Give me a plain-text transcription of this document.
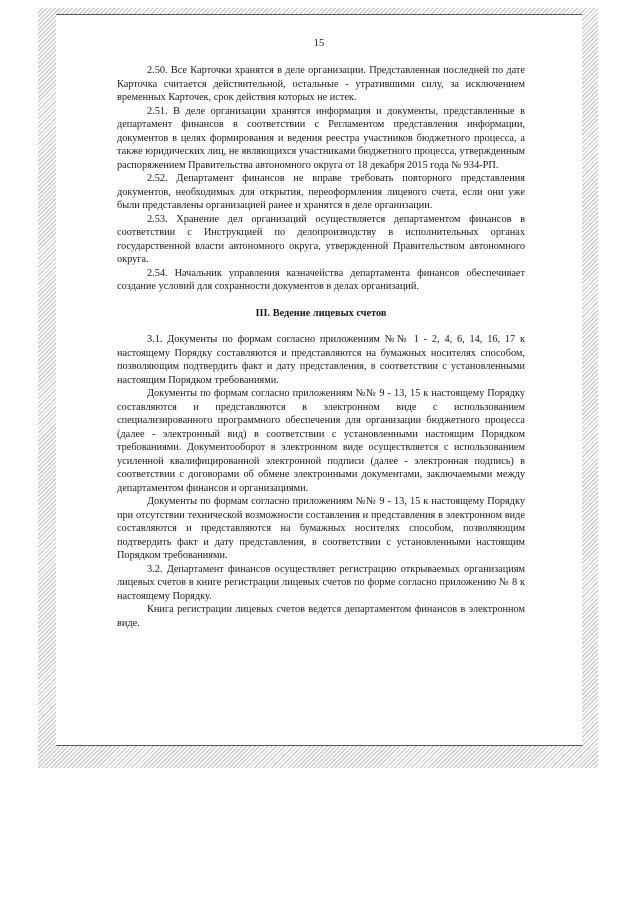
15

2.50. Все Карточки хранятся в деле организации. Представленная последней по дате Карточка считается действительной, остальные - утратившими силу, за исключением временных Карточек, срок действия которых не истек.

2.51. В деле организации хранятся информация и документы, представленные в департамент финансов в соответствии с Регламентом представления информации, документов в целях формирования и ведения реестра участников бюджетного процесса, а также юридических лиц, не являющихся участниками бюджетного процесса, утвержденным распоряжением Правительства автономного округа от 18 декабря 2015 года № 934-РП.

2.52. Департамент финансов не вправе требовать повторного представления документов, необходимых для открытия, переоформления лицевого счета, если они уже были представлены организацией ранее и хранятся в деле организации.

2.53. Хранение дел организаций осуществляется департаментом финансов в соответствии с Инструкцией по делопроизводству в исполнительных органах государственной власти автономного округа, утвержденной Правительством автономного округа.

2.54. Начальник управления казначейства департамента финансов обеспечивает создание условий для сохранности документов в делах организаций.

III. Ведение лицевых счетов

3.1. Документы по формам согласно приложениям №№ 1 - 2, 4, 6, 14, 16, 17 к настоящему Порядку составляются и представляются на бумажных носителях способом, позволяющим подтвердить факт и дату представления, в соответствии с установленными настоящим Порядком требованиями.

Документы по формам согласно приложениям №№ 9 - 13, 15 к настоящему Порядку составляются и представляются в электронном виде с использованием специализированного программного обеспечения для организации бюджетного процесса (далее - электронный вид) в соответствии с установленными настоящим Порядком требованиями. Документооборот в электронном виде осуществляется с использованием усиленной квалифицированной электронной подписи (далее - электронная подпись) в соответствии с договорами об обмене электронными документами, заключаемыми между департаментом финансов и организациями.

Документы по формам согласно приложениям №№ 9 - 13, 15 к настоящему Порядку при отсутствии технической возможности составления и представления в электронном виде составляются и представляются на бумажных носителях способом, позволяющим подтвердить факт и дату представления, в соответствии с установленными настоящим Порядком требованиями.

3.2. Департамент финансов осуществляет регистрацию открываемых организациям лицевых счетов в книге регистрации лицевых счетов по форме согласно приложению № 8 к настоящему Порядку.

Книга регистрации лицевых счетов ведется департаментом финансов в электронном виде.
